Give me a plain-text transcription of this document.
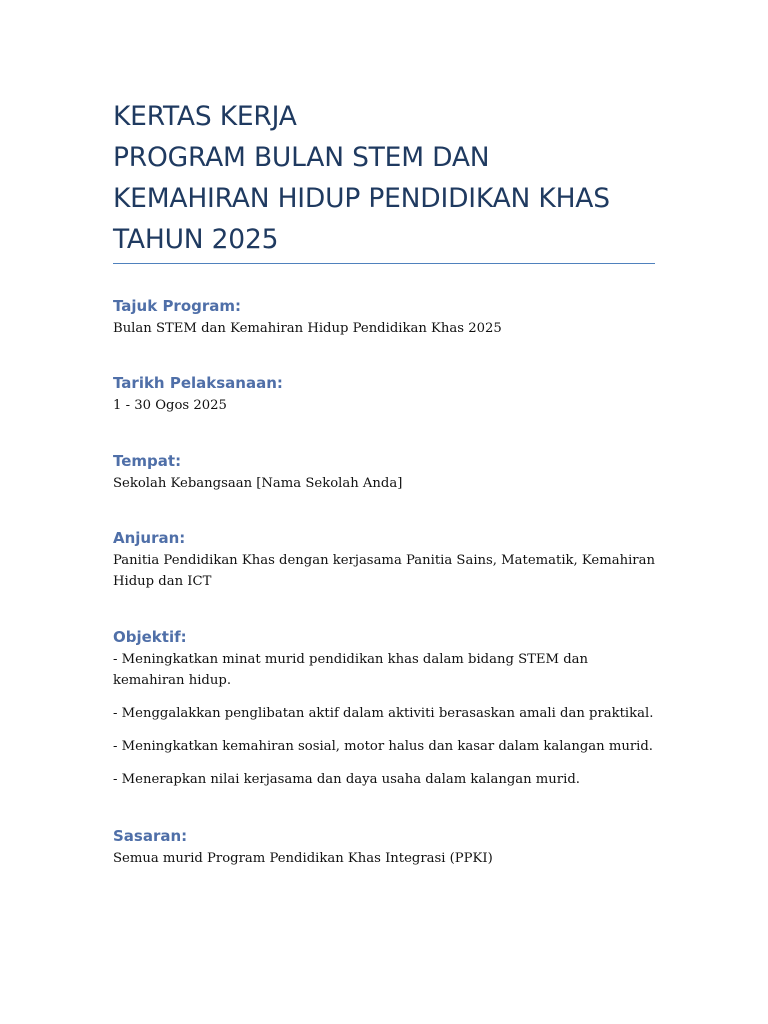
KERTAS KERJA

PROGRAM BULAN STEM DAN

KEMAHIRAN HIDUP PENDIDIKAN KHAS

TAHUN 2025

Tajuk Program:

Bulan STEM dan Kemahiran Hidup Pendidikan Khas 2025

Tarikh Pelaksanaan:

1 - 30 Ogos 2025

Tempat:

Sekolah Kebangsaan [Nama Sekolah Anda]

Anjuran:

Panitia Pendidikan Khas dengan kerjasama Panitia Sains, Matematik, Kemahiran Hidup dan ICT

Objektif:

- Meningkatkan minat murid pendidikan khas dalam bidang STEM dan kemahiran hidup.

- Menggalakkan penglibatan aktif dalam aktiviti berasaskan amali dan praktikal.

- Meningkatkan kemahiran sosial, motor halus dan kasar dalam kalangan murid.

- Menerapkan nilai kerjasama dan daya usaha dalam kalangan murid.

Sasaran:

Semua murid Program Pendidikan Khas Integrasi (PPKI)
